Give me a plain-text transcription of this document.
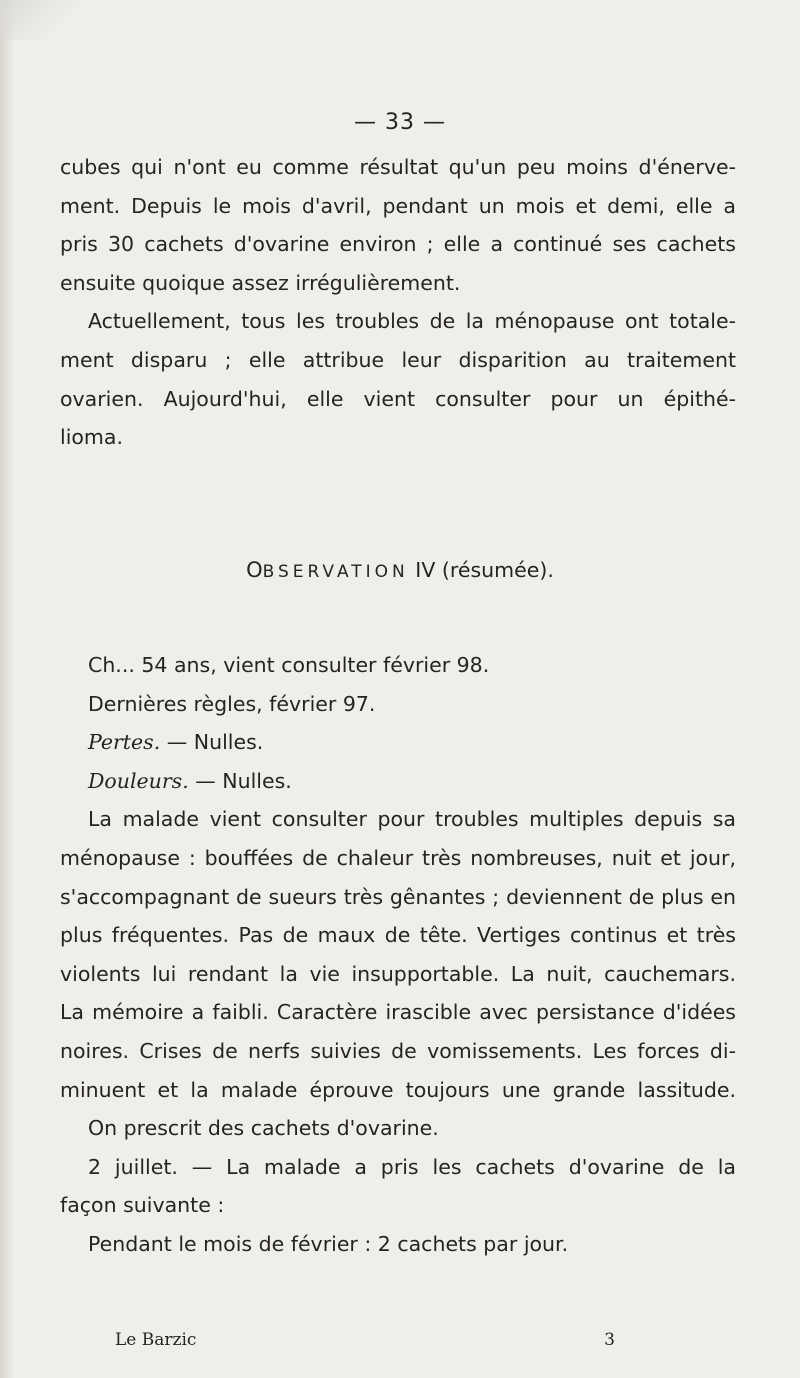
— 33 —
cubes qui n'ont eu comme résultat qu'un peu moins d'énerve-
ment. Depuis le mois d'avril, pendant un mois et demi, elle a
pris 30 cachets d'ovarine environ ; elle a continué ses cachets
ensuite quoique assez irrégulièrement.
Actuellement, tous les troubles de la ménopause ont totale-
ment disparu ; elle attribue leur disparition au traitement
ovarien. Aujourd'hui, elle vient consulter pour un épithé-
lioma.
OBSERVATION IV (résumée).
Ch... 54 ans, vient consulter février 98.
Dernières règles, février 97.
Pertes. — Nulles.
Douleurs. — Nulles.
La malade vient consulter pour troubles multiples depuis sa
ménopause : bouffées de chaleur très nombreuses, nuit et jour,
s'accompagnant de sueurs très gênantes ; deviennent de plus en
plus fréquentes. Pas de maux de tête. Vertiges continus et très
violents lui rendant la vie insupportable. La nuit, cauchemars.
La mémoire a faibli. Caractère irascible avec persistance d'idées
noires. Crises de nerfs suivies de vomissements. Les forces di-
minuent et la malade éprouve toujours une grande lassitude.
On prescrit des cachets d'ovarine.
2 juillet. — La malade a pris les cachets d'ovarine de la
façon suivante :
Pendant le mois de février : 2 cachets par jour.
Le Barzic	3
